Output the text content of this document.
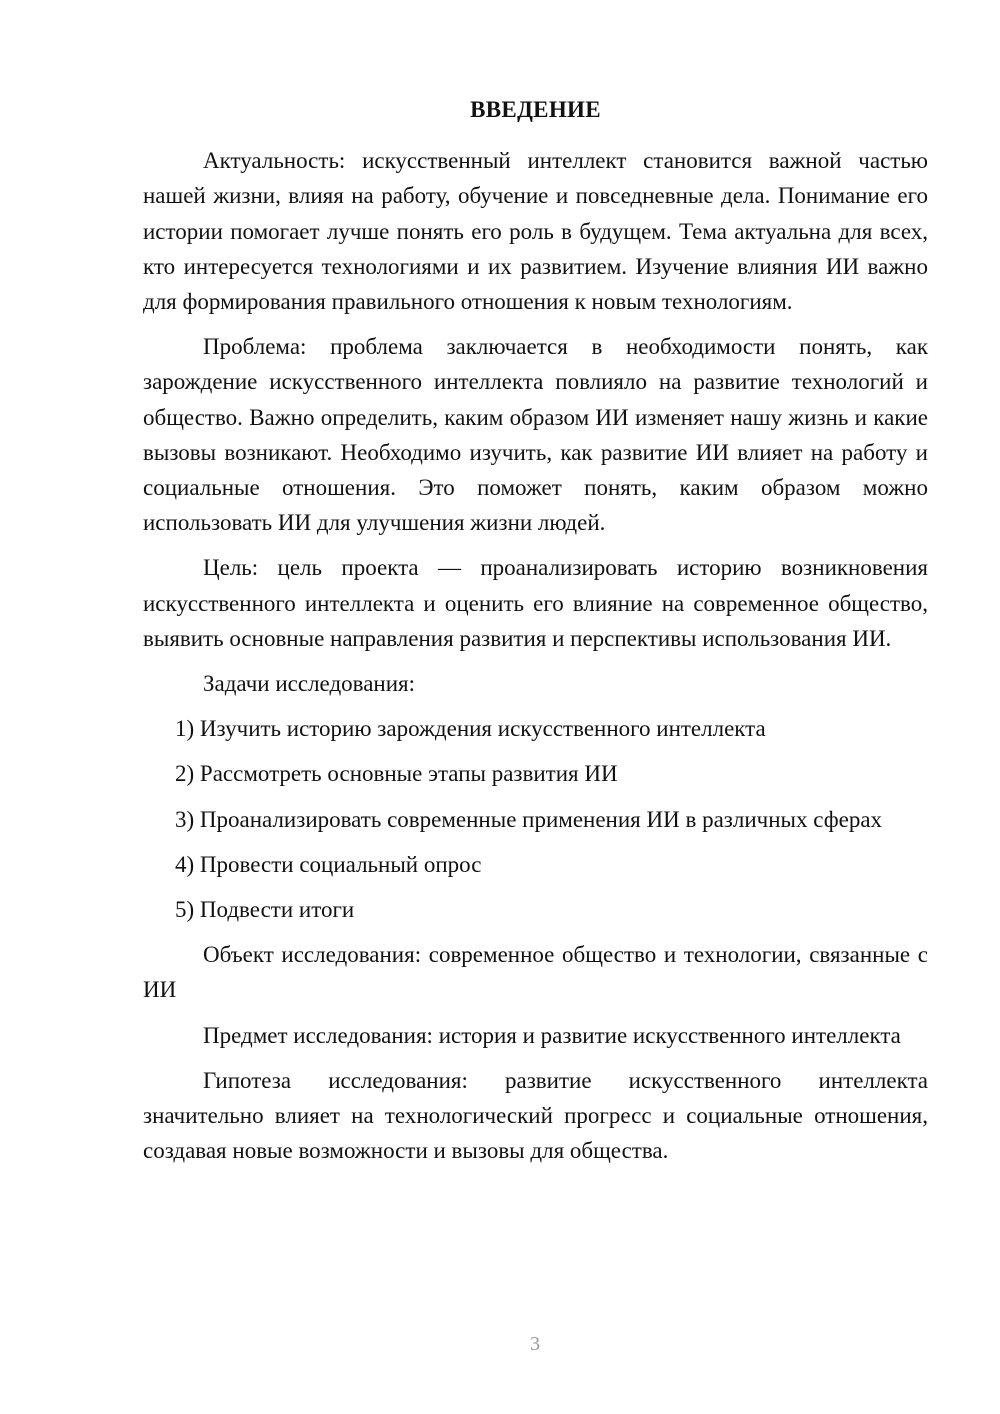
ВВЕДЕНИЕ

Актуальность: искусственный интеллект становится важной частью нашей жизни, влияя на работу, обучение и повседневные дела. Понимание его истории помогает лучше понять его роль в будущем. Тема актуальна для всех, кто интересуется технологиями и их развитием. Изучение влияния ИИ важно для формирования правильного отношения к новым технологиям.

Проблема: проблема заключается в необходимости понять, как зарождение искусственного интеллекта повлияло на развитие технологий и общество. Важно определить, каким образом ИИ изменяет нашу жизнь и какие вызовы возникают. Необходимо изучить, как развитие ИИ влияет на работу и социальные отношения. Это поможет понять, каким образом можно использовать ИИ для улучшения жизни людей.

Цель: цель проекта — проанализировать историю возникновения искусственного интеллекта и оценить его влияние на современное общество, выявить основные направления развития и перспективы использования ИИ.

Задачи исследования:

1) Изучить историю зарождения искусственного интеллекта

2) Рассмотреть основные этапы развития ИИ

3) Проанализировать современные применения ИИ в различных сферах

4) Провести социальный опрос

5) Подвести итоги

Объект исследования: современное общество и технологии, связанные с ИИ

Предмет исследования: история и развитие искусственного интеллекта

Гипотеза исследования: развитие искусственного интеллекта значительно влияет на технологический прогресс и социальные отношения, создавая новые возможности и вызовы для общества.

3
